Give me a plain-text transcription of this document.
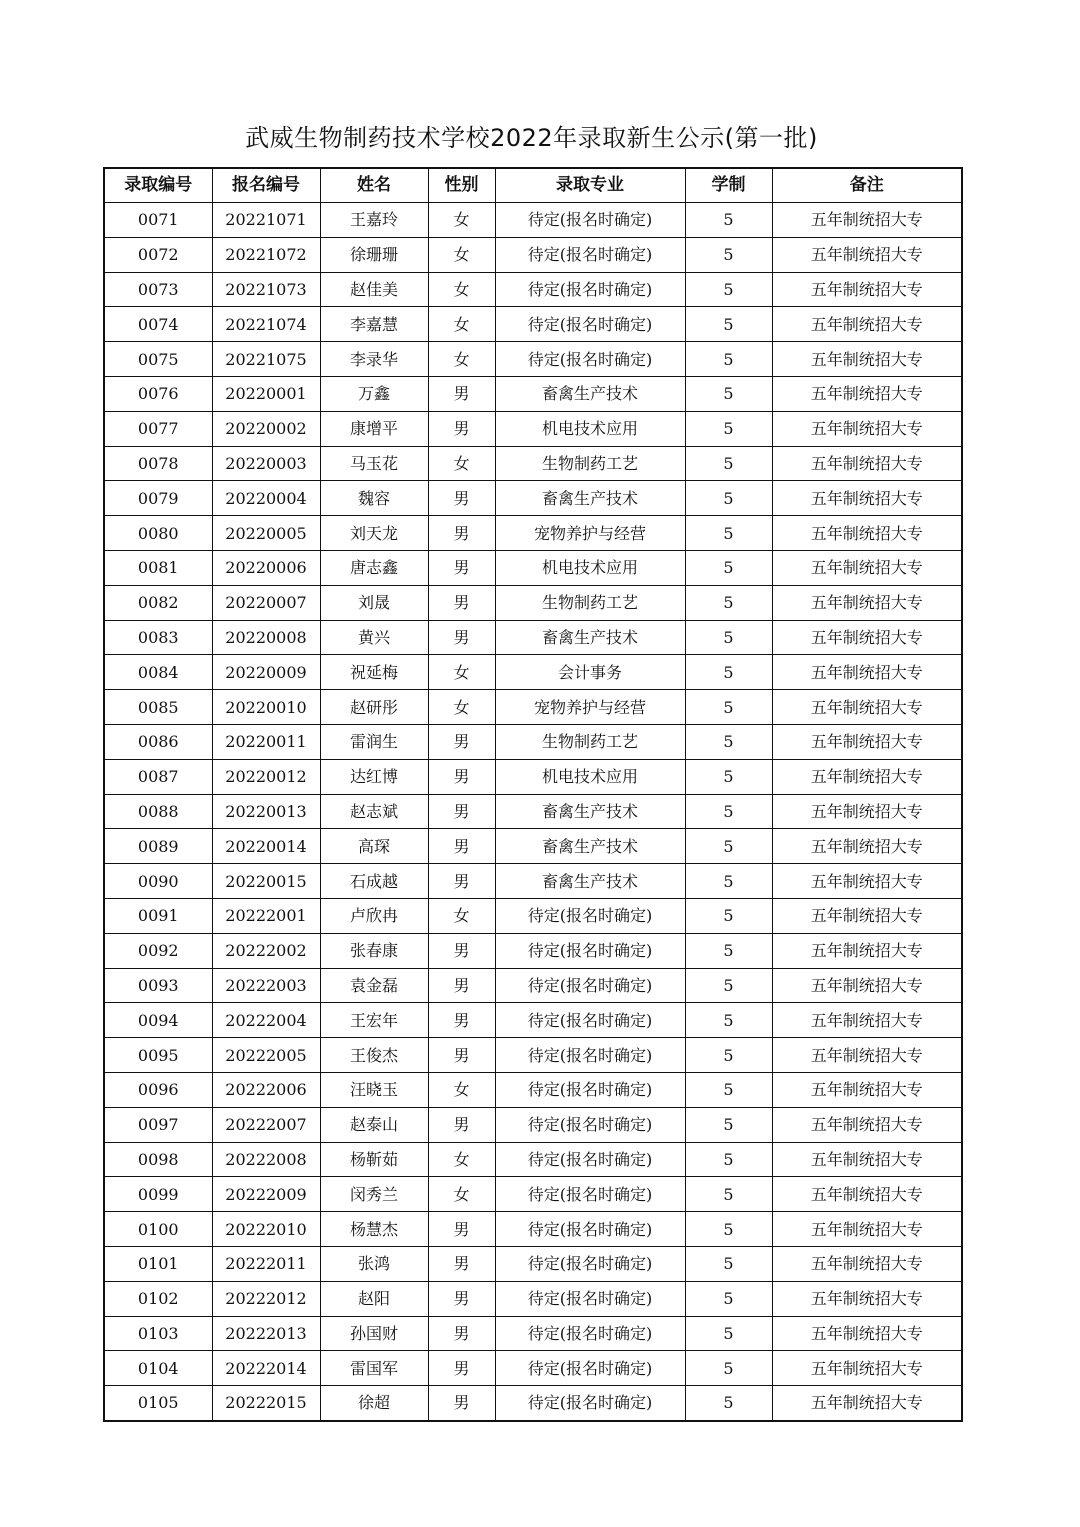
武威生物制药技术学校2022年录取新生公示(第一批)
录取编号	报名编号	姓名	性别	录取专业	学制	备注
0071	20221071	王嘉玲	女	待定(报名时确定)	5	五年制统招大专
0072	20221072	徐珊珊	女	待定(报名时确定)	5	五年制统招大专
0073	20221073	赵佳美	女	待定(报名时确定)	5	五年制统招大专
0074	20221074	李嘉慧	女	待定(报名时确定)	5	五年制统招大专
0075	20221075	李录华	女	待定(报名时确定)	5	五年制统招大专
0076	20220001	万鑫	男	畜禽生产技术	5	五年制统招大专
0077	20220002	康增平	男	机电技术应用	5	五年制统招大专
0078	20220003	马玉花	女	生物制药工艺	5	五年制统招大专
0079	20220004	魏容	男	畜禽生产技术	5	五年制统招大专
0080	20220005	刘天龙	男	宠物养护与经营	5	五年制统招大专
0081	20220006	唐志鑫	男	机电技术应用	5	五年制统招大专
0082	20220007	刘晟	男	生物制药工艺	5	五年制统招大专
0083	20220008	黄兴	男	畜禽生产技术	5	五年制统招大专
0084	20220009	祝延梅	女	会计事务	5	五年制统招大专
0085	20220010	赵研彤	女	宠物养护与经营	5	五年制统招大专
0086	20220011	雷润生	男	生物制药工艺	5	五年制统招大专
0087	20220012	达红博	男	机电技术应用	5	五年制统招大专
0088	20220013	赵志斌	男	畜禽生产技术	5	五年制统招大专
0089	20220014	高琛	男	畜禽生产技术	5	五年制统招大专
0090	20220015	石成越	男	畜禽生产技术	5	五年制统招大专
0091	20222001	卢欣冉	女	待定(报名时确定)	5	五年制统招大专
0092	20222002	张春康	男	待定(报名时确定)	5	五年制统招大专
0093	20222003	袁金磊	男	待定(报名时确定)	5	五年制统招大专
0094	20222004	王宏年	男	待定(报名时确定)	5	五年制统招大专
0095	20222005	王俊杰	男	待定(报名时确定)	5	五年制统招大专
0096	20222006	汪晓玉	女	待定(报名时确定)	5	五年制统招大专
0097	20222007	赵泰山	男	待定(报名时确定)	5	五年制统招大专
0098	20222008	杨靳茹	女	待定(报名时确定)	5	五年制统招大专
0099	20222009	闵秀兰	女	待定(报名时确定)	5	五年制统招大专
0100	20222010	杨慧杰	男	待定(报名时确定)	5	五年制统招大专
0101	20222011	张鸿	男	待定(报名时确定)	5	五年制统招大专
0102	20222012	赵阳	男	待定(报名时确定)	5	五年制统招大专
0103	20222013	孙国财	男	待定(报名时确定)	5	五年制统招大专
0104	20222014	雷国军	男	待定(报名时确定)	5	五年制统招大专
0105	20222015	徐超	男	待定(报名时确定)	5	五年制统招大专
